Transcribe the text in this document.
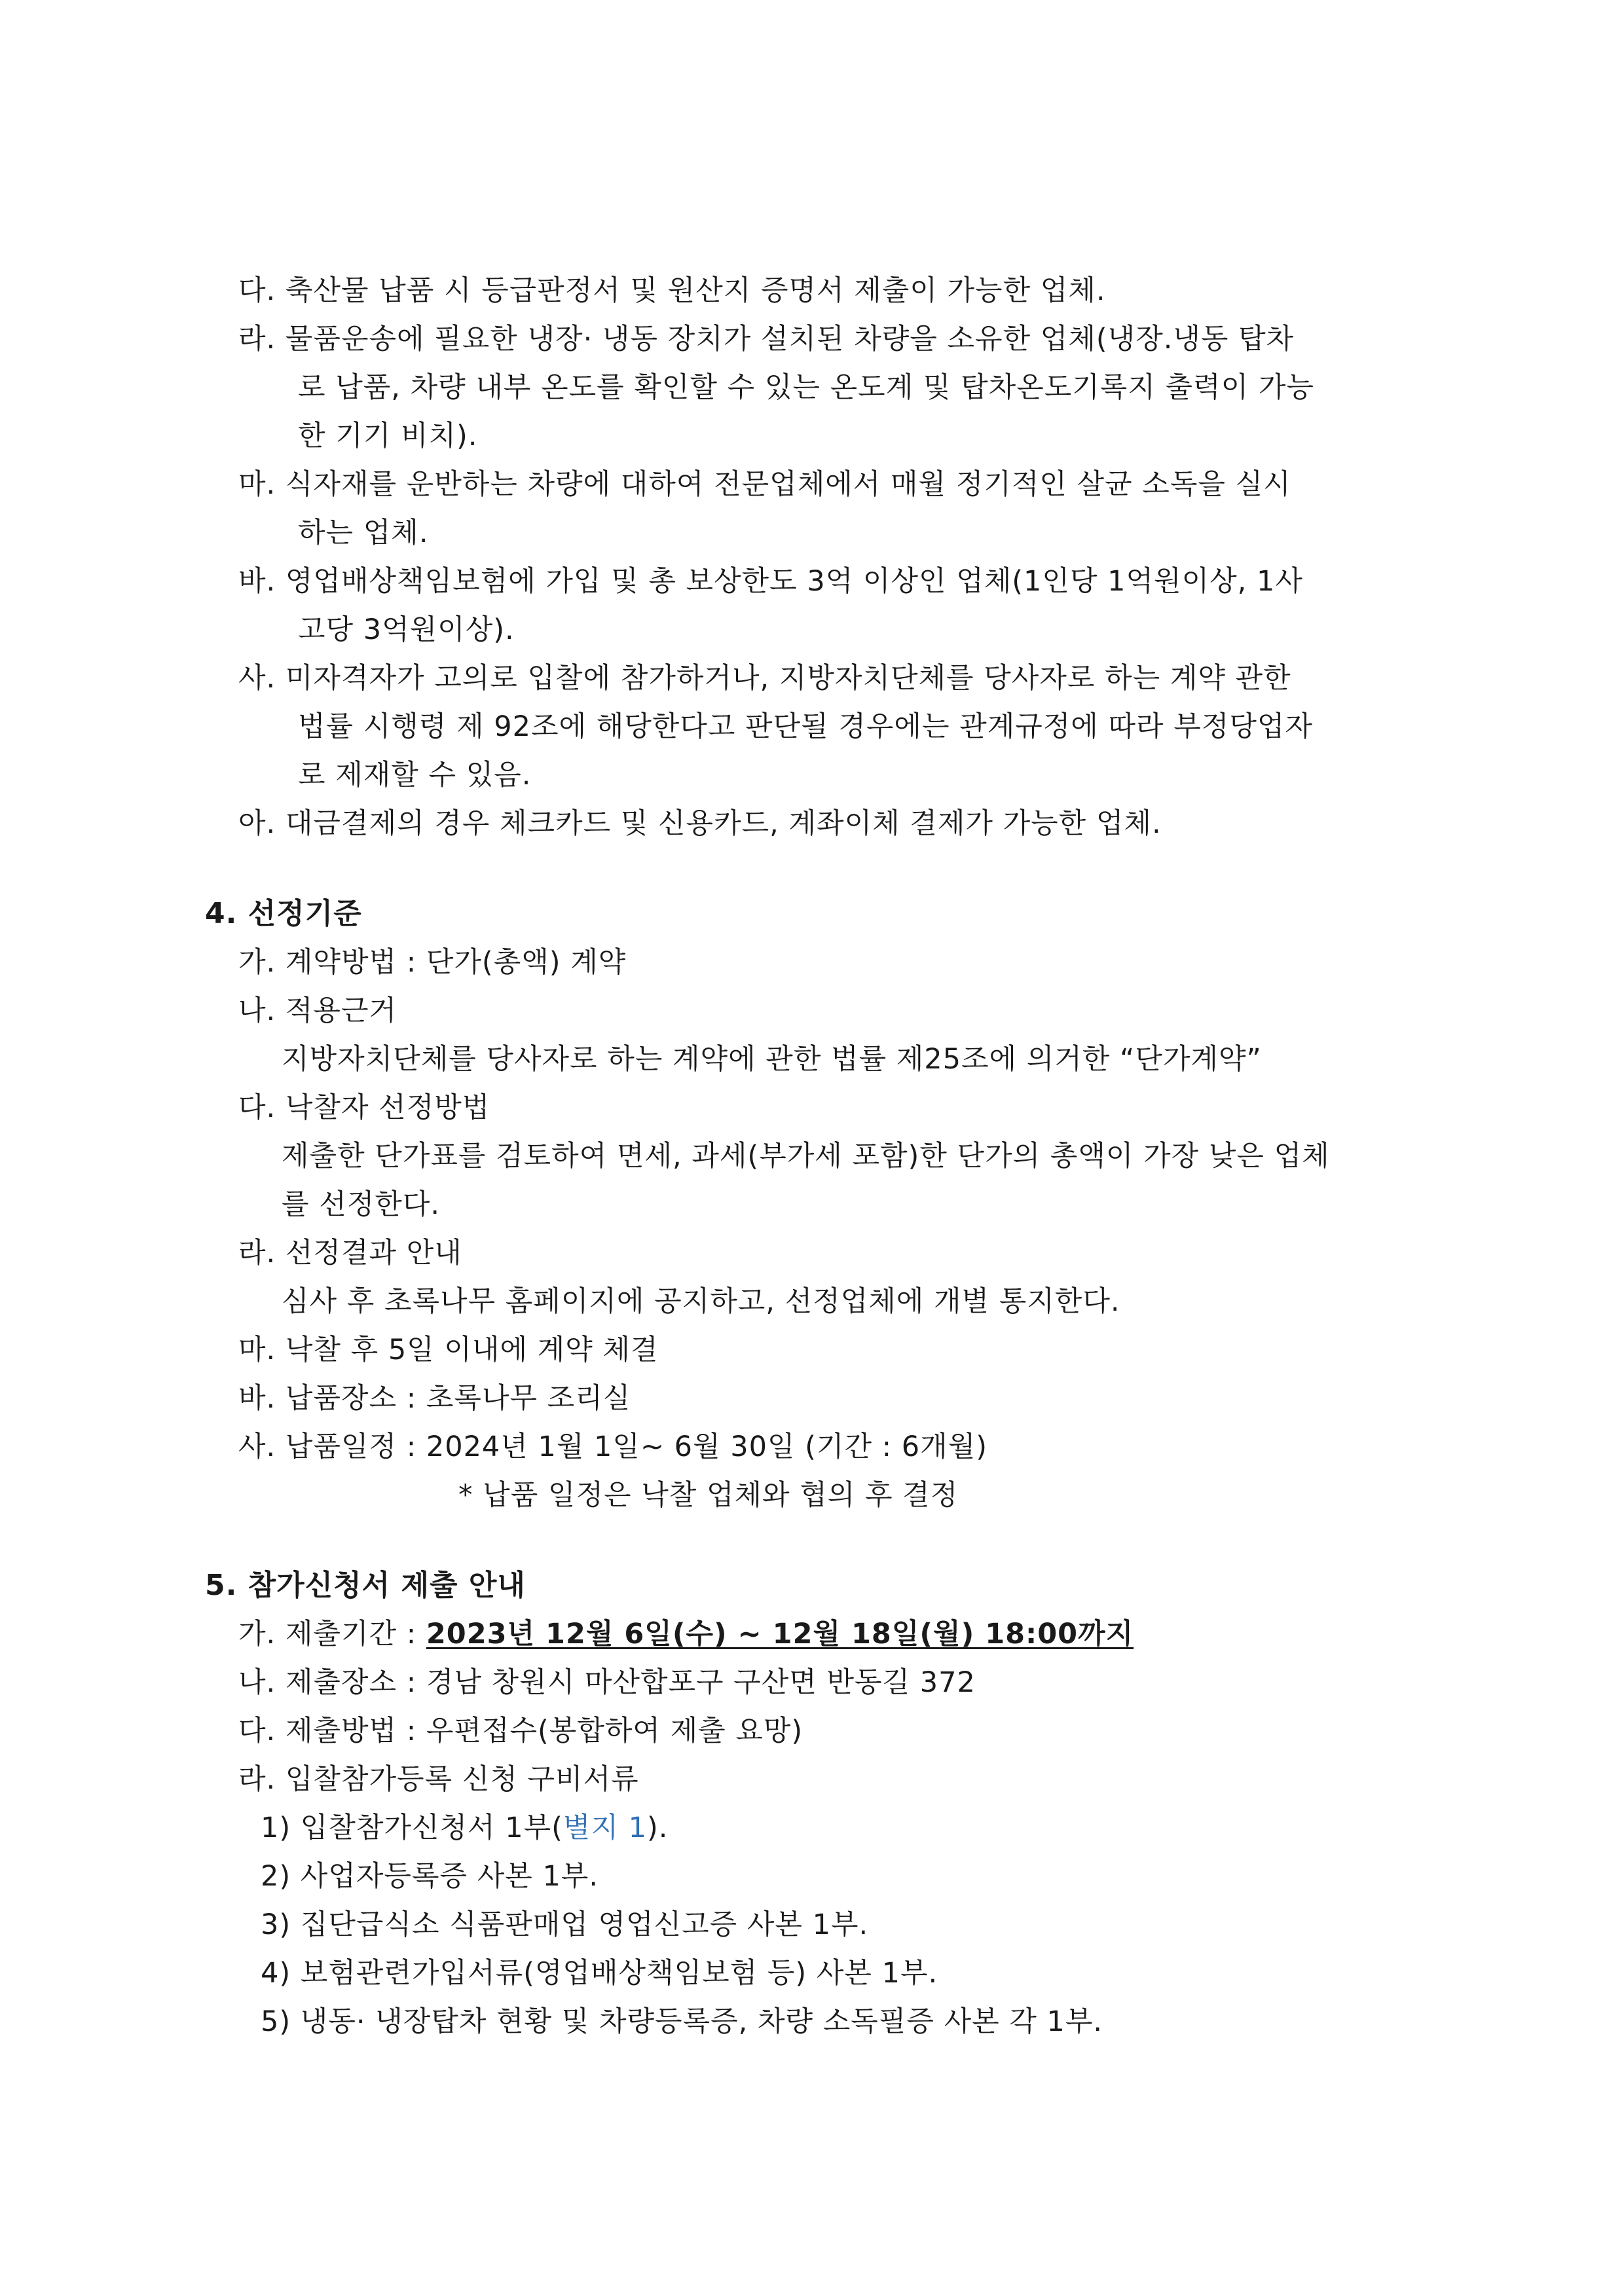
다. 축산물 납품 시 등급판정서 및 원산지 증명서 제출이 가능한 업체.
라. 물품운송에 필요한 냉장· 냉동 장치가 설치된 차량을 소유한 업체(냉장.냉동 탑차
로 납품, 차량 내부 온도를 확인할 수 있는 온도계 및 탑차온도기록지 출력이 가능
한 기기 비치).
마. 식자재를 운반하는 차량에 대하여 전문업체에서 매월 정기적인 살균 소독을 실시
하는 업체.
바. 영업배상책임보험에 가입 및 총 보상한도 3억 이상인 업체(1인당 1억원이상, 1사
고당 3억원이상).
사. 미자격자가 고의로 입찰에 참가하거나, 지방자치단체를 당사자로 하는 계약 관한
법률 시행령 제 92조에 해당한다고 판단될 경우에는 관계규정에 따라 부정당업자
로 제재할 수 있음.
아. 대금결제의 경우 체크카드 및 신용카드, 계좌이체 결제가 가능한 업체.
4. 선정기준
가. 계약방법 : 단가(총액) 계약
나. 적용근거
지방자치단체를 당사자로 하는 계약에 관한 법률 제25조에 의거한 “단가계약”
다. 낙찰자 선정방법
제출한 단가표를 검토하여 면세, 과세(부가세 포함)한 단가의 총액이 가장 낮은 업체
를 선정한다.
라. 선정결과 안내
심사 후 초록나무 홈페이지에 공지하고, 선정업체에 개별 통지한다.
마. 낙찰 후 5일 이내에 계약 체결
바. 납품장소 : 초록나무 조리실
사. 납품일정 : 2024년 1월 1일~ 6월 30일 (기간 : 6개월)
* 납품 일정은 낙찰 업체와 협의 후 결정
5. 참가신청서 제출 안내
가. 제출기간 : 2023년 12월 6일(수) ~ 12월 18일(월) 18:00까지
나. 제출장소 : 경남 창원시 마산합포구 구산면 반동길 372
다. 제출방법 : 우편접수(봉합하여 제출 요망)
라. 입찰참가등록 신청 구비서류
1) 입찰참가신청서 1부(별지 1).
2) 사업자등록증 사본 1부.
3) 집단급식소 식품판매업 영업신고증 사본 1부.
4) 보험관련가입서류(영업배상책임보험 등) 사본 1부.
5) 냉동· 냉장탑차 현황 및 차량등록증, 차량 소독필증 사본 각 1부.
